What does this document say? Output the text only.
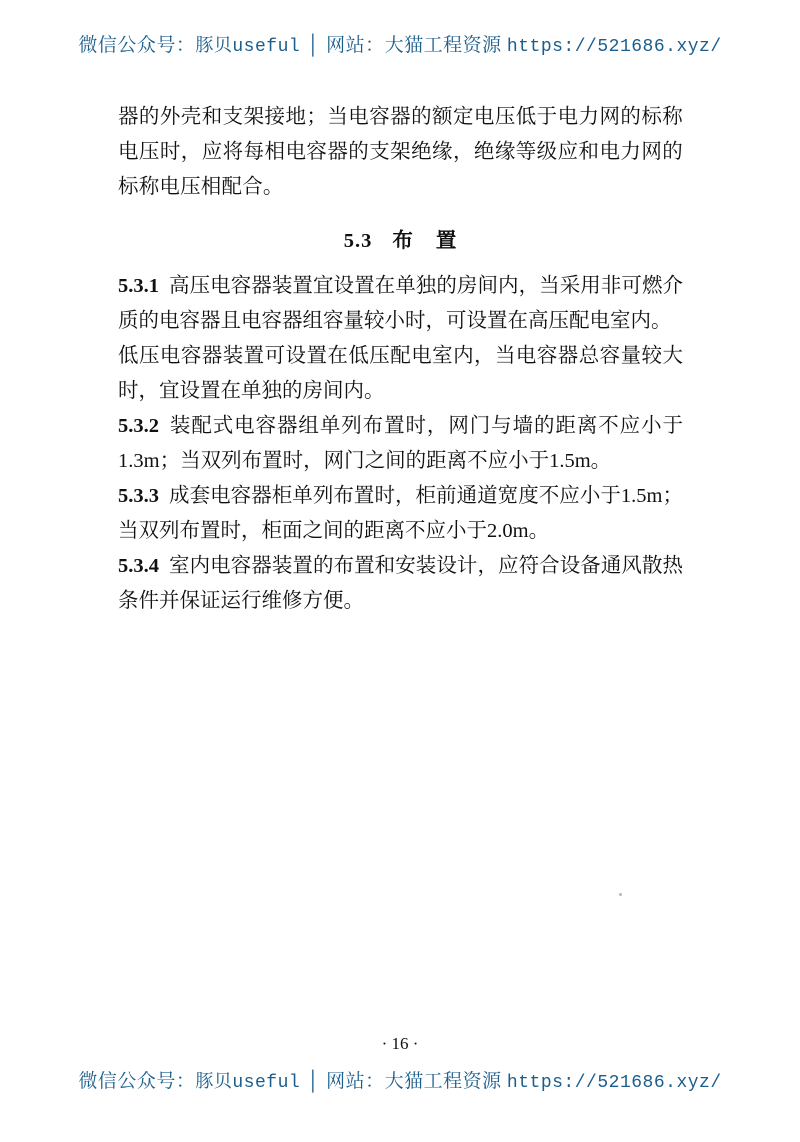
微信公众号：豚贝useful │ 网站：大猫工程资源 https://521686.xyz/

器的外壳和支架接地；当电容器的额定电压低于电力网的标称电压时，应将每相电容器的支架绝缘，绝缘等级应和电力网的标称电压相配合。

5.3 布 置

5.3.1 高压电容器装置宜设置在单独的房间内，当采用非可燃介质的电容器且电容器组容量较小时，可设置在高压配电室内。

低压电容器装置可设置在低压配电室内，当电容器总容量较大时，宜设置在单独的房间内。

5.3.2 装配式电容器组单列布置时，网门与墙的距离不应小于1.3m；当双列布置时，网门之间的距离不应小于1.5m。

5.3.3 成套电容器柜单列布置时，柜前通道宽度不应小于1.5m；当双列布置时，柜面之间的距离不应小于2.0m。

5.3.4 室内电容器装置的布置和安装设计，应符合设备通风散热条件并保证运行维修方便。

· 16 ·
微信公众号：豚贝useful │ 网站：大猫工程资源 https://521686.xyz/
